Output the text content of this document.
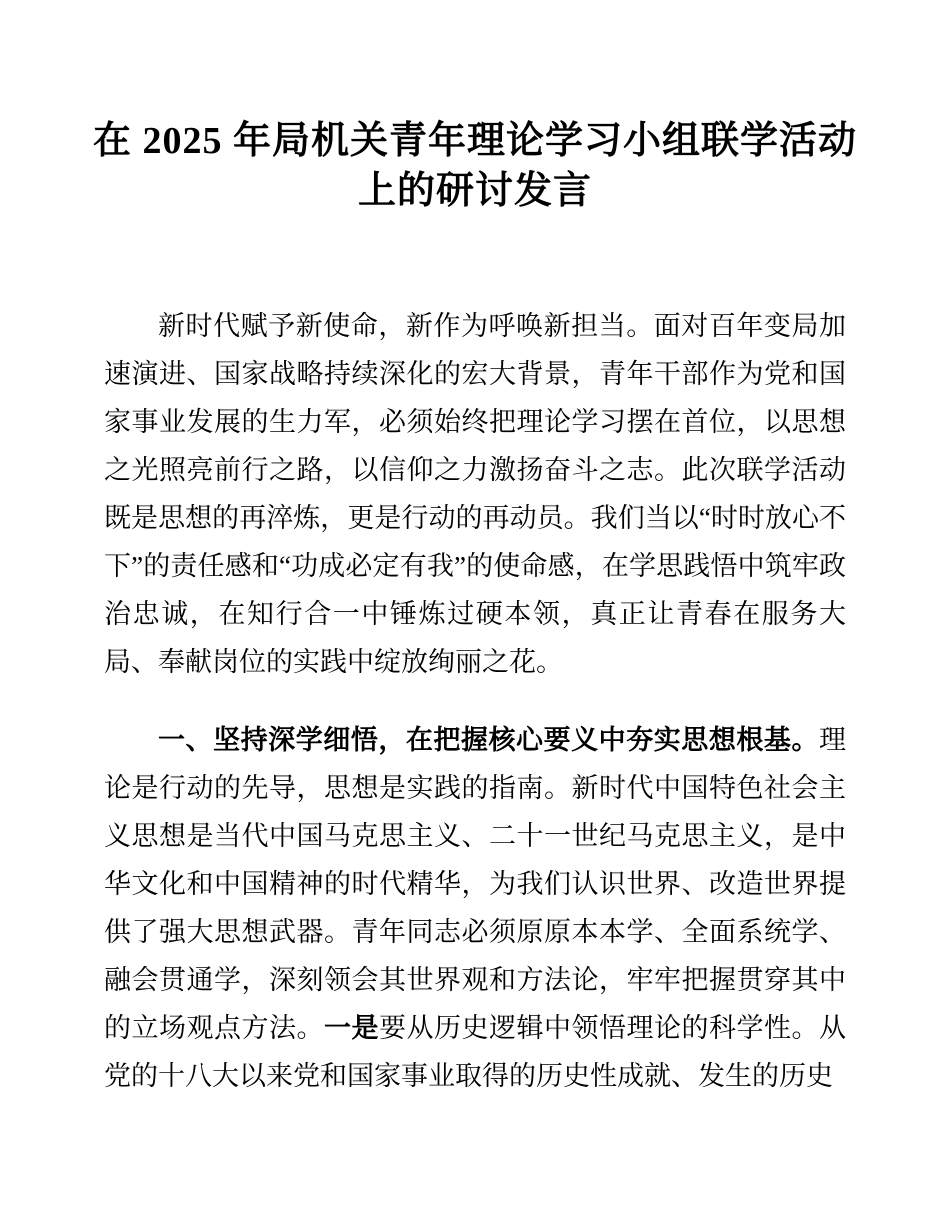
在 2025 年局机关青年理论学习小组联学活动
上的研讨发言

新时代赋予新使命，新作为呼唤新担当。面对百年变局加速演进、国家战略持续深化的宏大背景，青年干部作为党和国家事业发展的生力军，必须始终把理论学习摆在首位，以思想之光照亮前行之路，以信仰之力激扬奋斗之志。此次联学活动既是思想的再淬炼，更是行动的再动员。我们当以“时时放心不下”的责任感和“功成必定有我”的使命感，在学思践悟中筑牢政治忠诚，在知行合一中锤炼过硬本领，真正让青春在服务大局、奉献岗位的实践中绽放绚丽之花。

一、坚持深学细悟，在把握核心要义中夯实思想根基。理论是行动的先导，思想是实践的指南。新时代中国特色社会主义思想是当代中国马克思主义、二十一世纪马克思主义，是中华文化和中国精神的时代精华，为我们认识世界、改造世界提供了强大思想武器。青年同志必须原原本本学、全面系统学、融会贯通学，深刻领会其世界观和方法论，牢牢把握贯穿其中的立场观点方法。一是要从历史逻辑中领悟理论的科学性。从党的十八大以来党和国家事业取得的历史性成就、发生的历史
